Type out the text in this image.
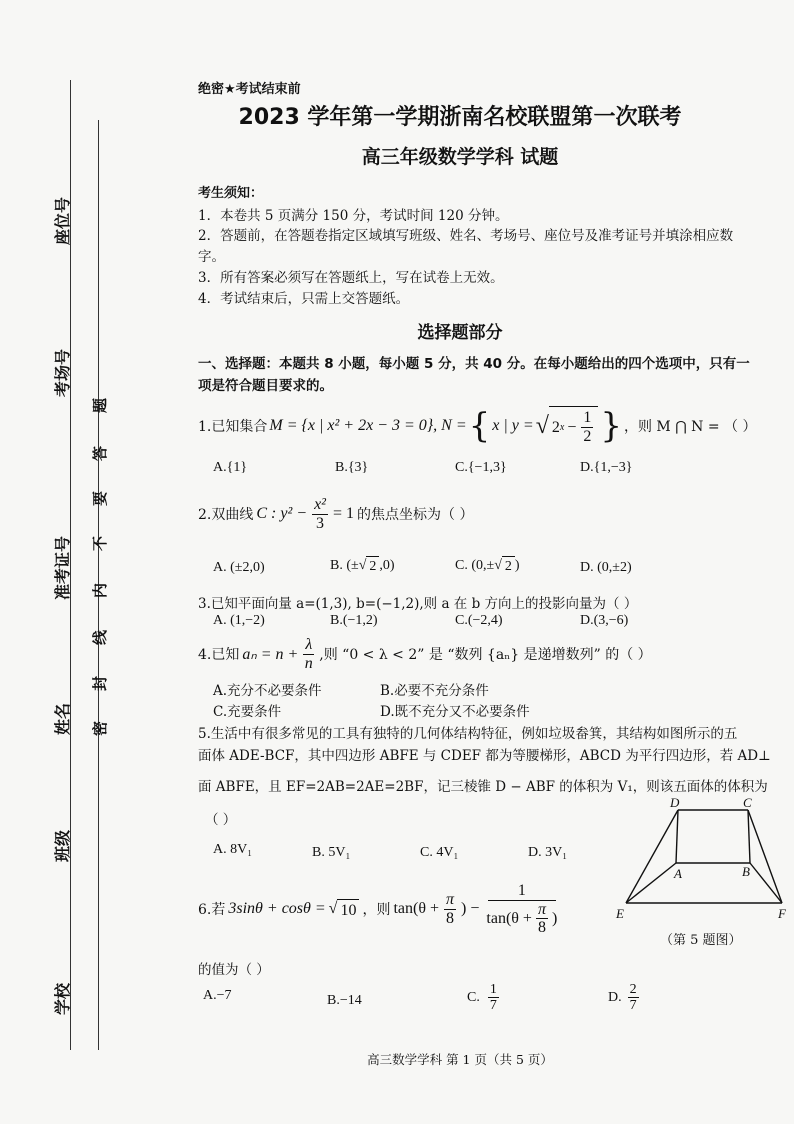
座位号
考场号
准考证号
姓名
班级
学校
题
答
要
不
内
线
封
密
绝密★考试结束前
2023 学年第一学期浙南名校联盟第一次联考
高三年级数学学科 试题
考生须知：
1．本卷共 5 页满分 150 分，考试时间 120 分钟。
2．答题前，在答题卷指定区域填写班级、姓名、考场号、座位号及准考证号并填涂相应数
字。
3．所有答案必须写在答题纸上，写在试卷上无效。
4．考试结束后，只需上交答题纸。
选择题部分
一、选择题：本题共 8 小题，每小题 5 分，共 40 分。在每小题给出的四个选项中，只有一
项是符合题目要求的。
1.已知集合 M = {x | x² + 2x − 3 = 0}, N = { x | y = √ 2 $x - \frac{1}{2}$ } ，则 M ⋂ N = （ ）
A.{1}	B.{3}	C.{−1,3}	D.{1,−3}
2.双曲线 C : $y^2 - \frac{\text{x²}}{3} = 1$ 的焦点坐标为（ ）
A. (±2,0)	B. (± √ 2 ,0)	C. (0,± √ 2 )	D. (0,±2)
3.已知平面向量 a=(1,3), b=(−1,2),则 a 在 b 方向上的投影向量为（ ）
A. (1,−2)	B.(−1,2)	C.(−2,4)	D.(3,−6)
4.已知 $a_n = n + \frac{\lambda}{n}$ ,则 “0 < λ < 2” 是 “数列 {aₙ} 是递增数列” 的（ ）
A.充分不必要条件	B.必要不充分条件
C.充要条件	D.既不充分又不必要条件
5.生活中有很多常见的工具有独特的几何体结构特征，例如垃圾畚箕，其结构如图所示的五
面体 ADE-BCF，其中四边形 ABFE 与 CDEF 都为等腰梯形，ABCD 为平行四边形，若 AD⊥
面 ABFE，且 EF=2AB=2AE=2BF，记三棱锥 D − ABF 的体积为 V₁，则该五面体的体积为
（ ）
A. 8V₁	B. 5V₁	C. 4V₁	D. 3V₁
D	C
A	B
E	F
（第 5 题图）
6.若 3sinθ + cosθ = √ 10 ，则 $\tan(\theta + \frac{\pi}{8}$ ) − $\frac{1}{\tan(\theta + \frac{\pi}{8} )}$
的值为（ ）
A.−7	B.−14	C. $\frac{1}{7}$	D. $\frac{2}{7}$
高三数学学科 第 1 页（共 5 页）
